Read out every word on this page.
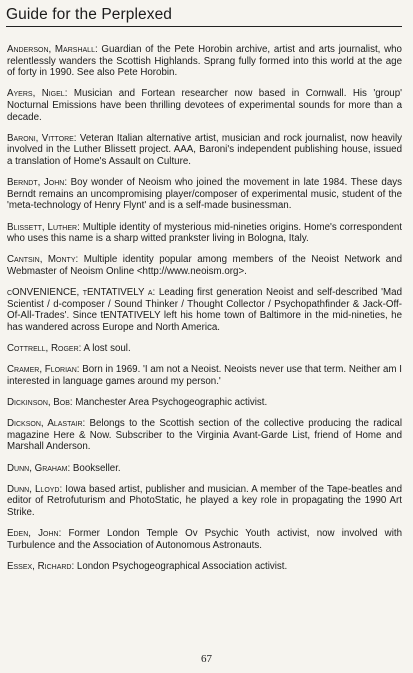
Guide for the Perplexed

Anderson, Marshall: Guardian of the Pete Horobin archive, artist and arts journalist, who relentlessly wanders the Scottish Highlands. Sprang fully formed into this world at the age of forty in 1990. See also Pete Horobin.

Ayers, Nigel: Musician and Fortean researcher now based in Cornwall. His 'group' Nocturnal Emissions have been thrilling devotees of experimental sounds for more than a decade.

Baroni, Vittore: Veteran Italian alternative artist, musician and rock journalist, now heavily involved in the Luther Blissett project. AAA, Baroni's independent publishing house, issued a translation of Home's Assault on Culture.

Berndt, John: Boy wonder of Neoism who joined the movement in late 1984. These days Berndt remains an uncompromising player/composer of experimental music, student of the 'meta-technology of Henry Flynt' and is a self-made businessman.

Blissett, Luther: Multiple identity of mysterious mid-nineties origins. Home's correspondent who uses this name is a sharp witted prankster living in Bologna, Italy.

Cantsin, Monty: Multiple identity popular among members of the Neoist Network and Webmaster of Neoism Online <http://www.neoism.org>.

cONVENIENCE, tENTATIVELY a: Leading first generation Neoist and self-described 'Mad Scientist / d-composer / Sound Thinker / Thought Collector / Psychopathfinder & Jack-Off-Of-All-Trades'. Since tENTATIVELY left his home town of Baltimore in the mid-nineties, he has wandered across Europe and North America.

Cottrell, Roger: A lost soul.

Cramer, Florian: Born in 1969. 'I am not a Neoist. Neoists never use that term. Neither am I interested in language games around my person.'

Dickinson, Bob: Manchester Area Psychogeographic activist.

Dickson, Alastair: Belongs to the Scottish section of the collective producing the radical magazine Here & Now. Subscriber to the Virginia Avant-Garde List, friend of Home and Marshall Anderson.

Dunn, Graham: Bookseller.

Dunn, Lloyd: Iowa based artist, publisher and musician. A member of the Tape-beatles and editor of Retrofuturism and PhotoStatic, he played a key role in propagating the 1990 Art Strike.

Eden, John: Former London Temple Ov Psychic Youth activist, now involved with Turbulence and the Association of Autonomous Astronauts.

Essex, Richard: London Psychogeographical Association activist.

67
